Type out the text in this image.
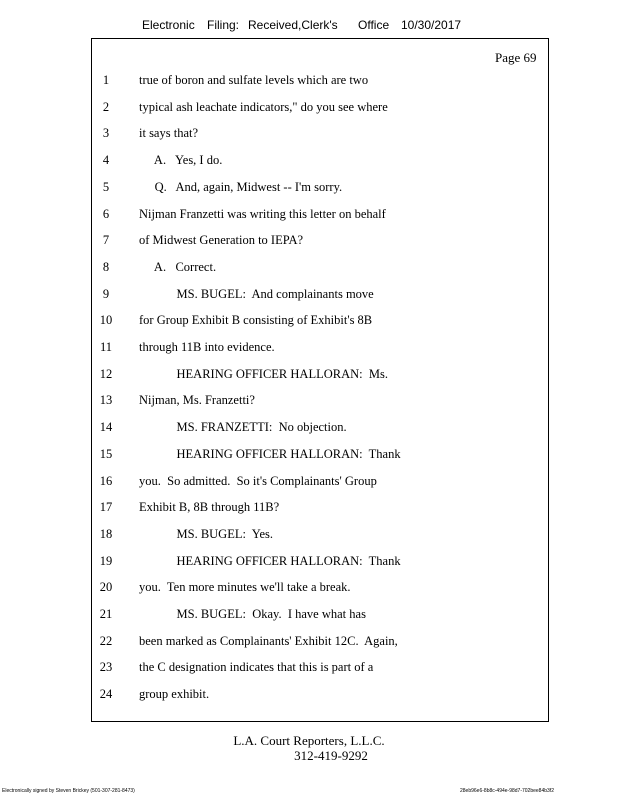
Electronic Filing: Received,Clerk's Office 10/30/2017
Page 69
1	true of boron and sulfate levels which are two
2	typical ash leachate indicators," do you see where
3	it says that?
4	A.   Yes, I do.
5	Q.   And, again, Midwest -- I'm sorry.
6	Nijman Franzetti was writing this letter on behalf
7	of Midwest Generation to IEPA?
8	A.   Correct.
9	MS. BUGEL:  And complainants move
10	for Group Exhibit B consisting of Exhibit's 8B
11	through 11B into evidence.
12	HEARING OFFICER HALLORAN:  Ms.
13	Nijman, Ms. Franzetti?
14	MS. FRANZETTI:  No objection.
15	HEARING OFFICER HALLORAN:  Thank
16	you.  So admitted.  So it's Complainants' Group
17	Exhibit B, 8B through 11B?
18	MS. BUGEL:  Yes.
19	HEARING OFFICER HALLORAN:  Thank
20	you.  Ten more minutes we'll take a break.
21	MS. BUGEL:  Okay.  I have what has
22	been marked as Complainants' Exhibit 12C.  Again,
23	the C designation indicates that this is part of a
24	group exhibit.
L.A. Court Reporters, L.L.C.
312-419-9292
Electronically signed by Steven Brickey (501-307-281-8473)	28eb96e6-8b8c-494e-98d7-702bee84b3f2
